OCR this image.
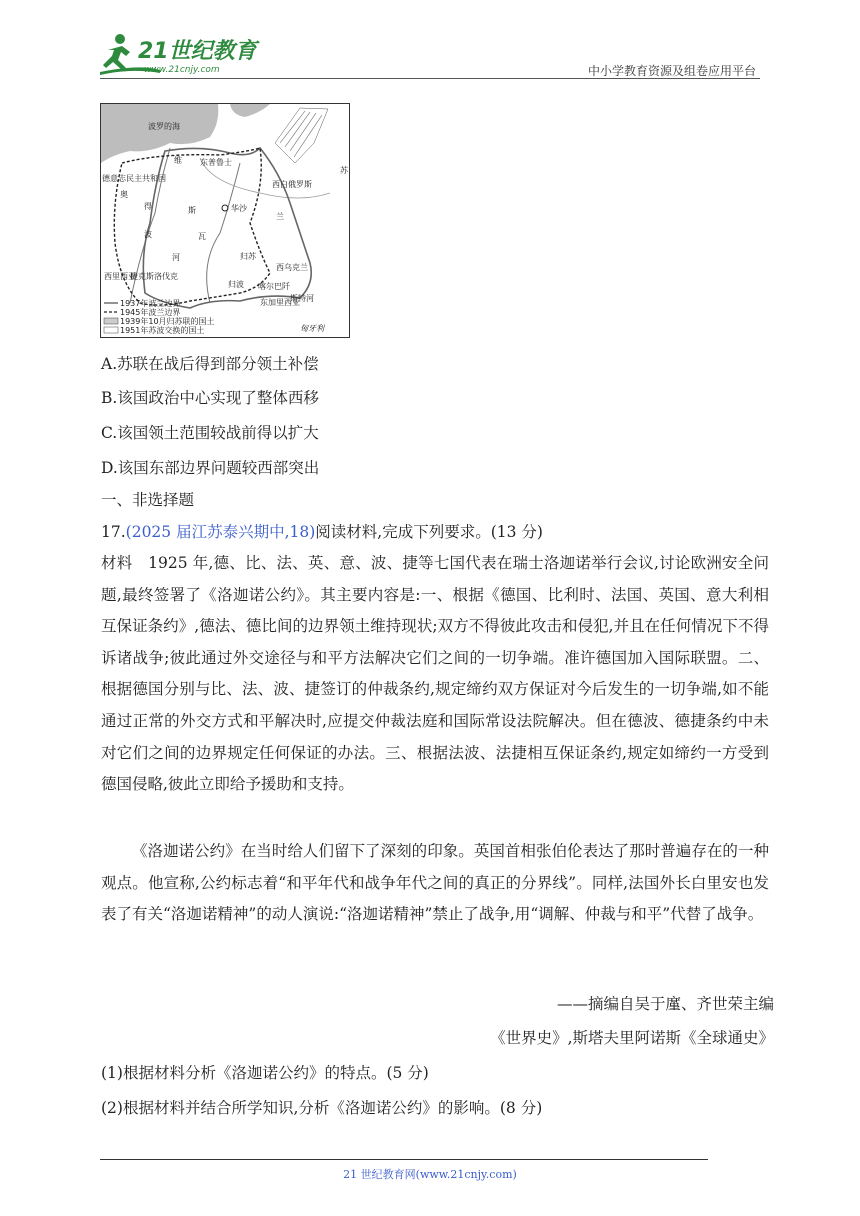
21世纪教育
www.21cnjy.com	中小学教育资源及组卷应用平台
波罗的海
东普鲁士
西白俄罗斯
西乌克兰
华沙
维
斯
瓦
河
得
波
奥
苏
兰
归苏
归波 喀尔巴阡
东加里西亚
斯特河
捷克斯洛伐克
匈牙利
西里西亚
德意志民主共和国
1937年波兰边界
1945年波兰边界
1939年10月归苏联的国土
1951年苏波交换的国土
A.苏联在战后得到部分领土补偿
B.该国政治中心实现了整体西移
C.该国领土范围较战前得以扩大
D.该国东部边界问题较西部突出
一、非选择题
17.(2025 届江苏泰兴期中,18)阅读材料,完成下列要求。(13 分)
材料　1925 年,德、比、法、英、意、波、捷等七国代表在瑞士洛迦诺举行会议,讨论欧洲安全问题,最终签署了《洛迦诺公约》。其主要内容是:一、根据《德国、比利时、法国、英国、意大利相互保证条约》,德法、德比间的边界领土维持现状;双方不得彼此攻击和侵犯,并且在任何情况下不得诉诸战争;彼此通过外交途径与和平方法解决它们之间的一切争端。准许德国加入国际联盟。二、根据德国分别与比、法、波、捷签订的仲裁条约,规定缔约双方保证对今后发生的一切争端,如不能通过正常的外交方式和平解决时,应提交仲裁法庭和国际常设法院解决。但在德波、德捷条约中未对它们之间的边界规定任何保证的办法。三、根据法波、法捷相互保证条约,规定如缔约一方受到德国侵略,彼此立即给予援助和支持。
《洛迦诺公约》在当时给人们留下了深刻的印象。英国首相张伯伦表达了那时普遍存在的一种观点。他宣称,公约标志着“和平年代和战争年代之间的真正的分界线”。同样,法国外长白里安也发表了有关“洛迦诺精神”的动人演说:“洛迦诺精神”禁止了战争,用“调解、仲裁与和平”代替了战争。
——摘编自吴于廑、齐世荣主编
《世界史》,斯塔夫里阿诺斯《全球通史》
(1)根据材料分析《洛迦诺公约》的特点。(5 分)
(2)根据材料并结合所学知识,分析《洛迦诺公约》的影响。(8 分)
21 世纪教育网(www.21cnjy.com)
